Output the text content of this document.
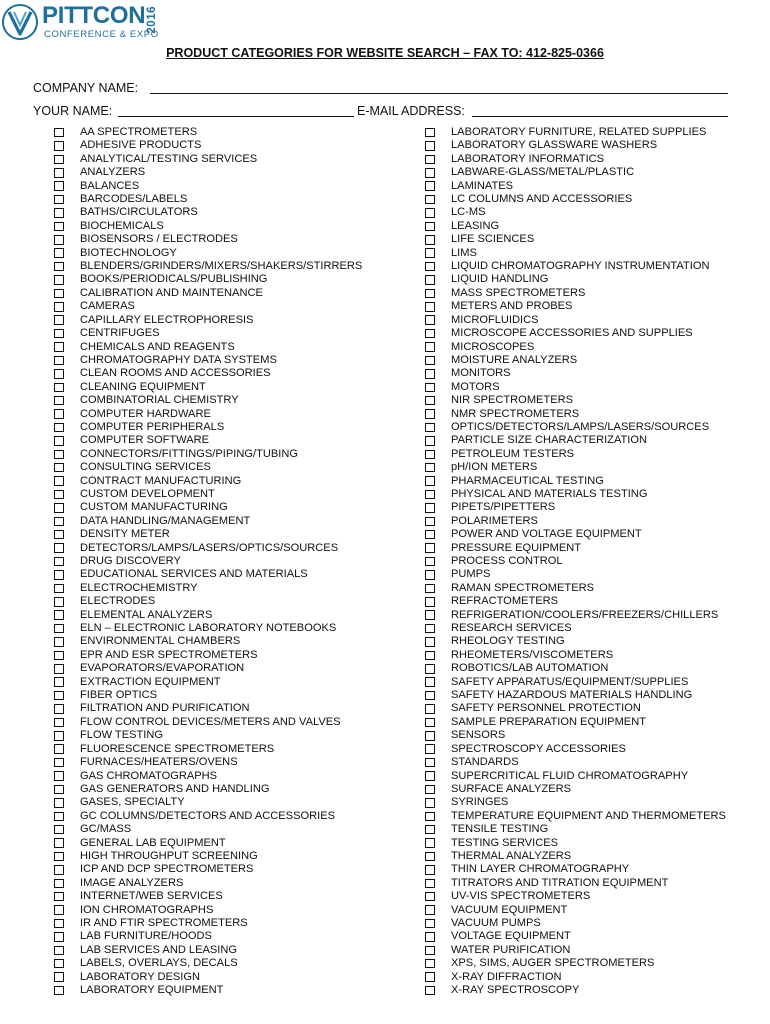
PITTCON
CONFERENCE & EXPO
2016
PRODUCT CATEGORIES FOR WEBSITE SEARCH – FAX TO: 412-825-0366
COMPANY NAME:
YOUR NAME:	E-MAIL ADDRESS:
AA SPECTROMETERS
ADHESIVE PRODUCTS
ANALYTICAL/TESTING SERVICES
ANALYZERS
BALANCES
BARCODES/LABELS
BATHS/CIRCULATORS
BIOCHEMICALS
BIOSENSORS / ELECTRODES
BIOTECHNOLOGY
BLENDERS/GRINDERS/MIXERS/SHAKERS/STIRRERS
BOOKS/PERIODICALS/PUBLISHING
CALIBRATION AND MAINTENANCE
CAMERAS
CAPILLARY ELECTROPHORESIS
CENTRIFUGES
CHEMICALS AND REAGENTS
CHROMATOGRAPHY DATA SYSTEMS
CLEAN ROOMS AND ACCESSORIES
CLEANING EQUIPMENT
COMBINATORIAL CHEMISTRY
COMPUTER HARDWARE
COMPUTER PERIPHERALS
COMPUTER SOFTWARE
CONNECTORS/FITTINGS/PIPING/TUBING
CONSULTING SERVICES
CONTRACT MANUFACTURING
CUSTOM DEVELOPMENT
CUSTOM MANUFACTURING
DATA HANDLING/MANAGEMENT
DENSITY METER
DETECTORS/LAMPS/LASERS/OPTICS/SOURCES
DRUG DISCOVERY
EDUCATIONAL SERVICES AND MATERIALS
ELECTROCHEMISTRY
ELECTRODES
ELEMENTAL ANALYZERS
ELN – ELECTRONIC LABORATORY NOTEBOOKS
ENVIRONMENTAL CHAMBERS
EPR AND ESR SPECTROMETERS
EVAPORATORS/EVAPORATION
EXTRACTION EQUIPMENT
FIBER OPTICS
FILTRATION AND PURIFICATION
FLOW CONTROL DEVICES/METERS AND VALVES
FLOW TESTING
FLUORESCENCE SPECTROMETERS
FURNACES/HEATERS/OVENS
GAS CHROMATOGRAPHS
GAS GENERATORS AND HANDLING
GASES, SPECIALTY
GC COLUMNS/DETECTORS AND ACCESSORIES
GC/MASS
GENERAL LAB EQUIPMENT
HIGH THROUGHPUT SCREENING
ICP AND DCP SPECTROMETERS
IMAGE ANALYZERS
INTERNET/WEB SERVICES
ION CHROMATOGRAPHS
IR AND FTIR SPECTROMETERS
LAB FURNITURE/HOODS
LAB SERVICES AND LEASING
LABELS, OVERLAYS, DECALS
LABORATORY DESIGN
LABORATORY EQUIPMENT
LABORATORY FURNITURE, RELATED SUPPLIES
LABORATORY GLASSWARE WASHERS
LABORATORY INFORMATICS
LABWARE-GLASS/METAL/PLASTIC
LAMINATES
LC COLUMNS AND ACCESSORIES
LC-MS
LEASING
LIFE SCIENCES
LIMS
LIQUID CHROMATOGRAPHY INSTRUMENTATION
LIQUID HANDLING
MASS SPECTROMETERS
METERS AND PROBES
MICROFLUIDICS
MICROSCOPE ACCESSORIES AND SUPPLIES
MICROSCOPES
MOISTURE ANALYZERS
MONITORS
MOTORS
NIR SPECTROMETERS
NMR SPECTROMETERS
OPTICS/DETECTORS/LAMPS/LASERS/SOURCES
PARTICLE SIZE CHARACTERIZATION
PETROLEUM TESTERS
pH/ION METERS
PHARMACEUTICAL TESTING
PHYSICAL AND MATERIALS TESTING
PIPETS/PIPETTERS
POLARIMETERS
POWER AND VOLTAGE EQUIPMENT
PRESSURE EQUIPMENT
PROCESS CONTROL
PUMPS
RAMAN SPECTROMETERS
REFRACTOMETERS
REFRIGERATION/COOLERS/FREEZERS/CHILLERS
RESEARCH SERVICES
RHEOLOGY TESTING
RHEOMETERS/VISCOMETERS
ROBOTICS/LAB AUTOMATION
SAFETY APPARATUS/EQUIPMENT/SUPPLIES
SAFETY HAZARDOUS MATERIALS HANDLING
SAFETY PERSONNEL PROTECTION
SAMPLE PREPARATION EQUIPMENT
SENSORS
SPECTROSCOPY ACCESSORIES
STANDARDS
SUPERCRITICAL FLUID CHROMATOGRAPHY
SURFACE ANALYZERS
SYRINGES
TEMPERATURE EQUIPMENT AND THERMOMETERS
TENSILE TESTING
TESTING SERVICES
THERMAL ANALYZERS
THIN LAYER CHROMATOGRAPHY
TITRATORS AND TITRATION EQUIPMENT
UV-VIS SPECTROMETERS
VACUUM EQUIPMENT
VACUUM PUMPS
VOLTAGE EQUIPMENT
WATER PURIFICATION
XPS, SIMS, AUGER SPECTROMETERS
X-RAY DIFFRACTION
X-RAY SPECTROSCOPY
